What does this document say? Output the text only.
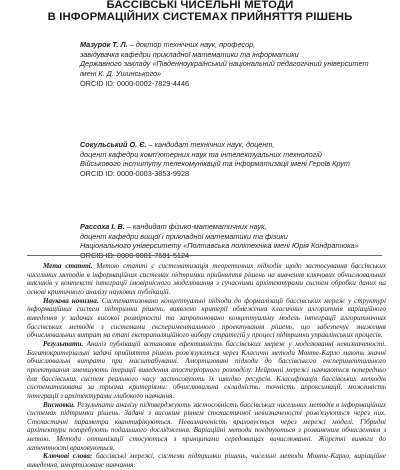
БАССІВСЬКІ ЧИСЕЛЬНІ МЕТОДИ
В ІНФОРМАЦІЙНИХ СИСТЕМАХ ПРИЙНЯТТЯ РІШЕНЬ
Мазурок Т. Л. – доктор технічних наук, професор,
завідувачка кафедри прикладної математики та інформатики
Державного закладу «Південноукраїнський національний педагогічний університет
імені К. Д. Ушинського»
ORCID ID: 0000-0002-7829-4446
Сокульський О. Є. – кандидат технічних наук, доцент,
доцент кафедри комп'ютерних наук та інтелектуальних технологій
Військового інституту телекомунікацій та інформатизації імені Героїв Крут
ORCID ID: 0000-0003-3853-9928
Рассоха І. В. – кандидат фізико-математичних наук,
доцент кафедри вищої і прикладної математики та фізики
Національного університету «Полтавська політехніка імені Юрія Кондратюка»
ORCID ID: 0000-0001-7681-5124

Мета статті. Метою статті є систематизація теоретичних підходів щодо застосування бассівських чисельних методів в інформаційних системах підтримки прийняття рішень на вивчення ключових обчислювальних викликів у контексті інтеграції імовірнісного моделювання з сучасними архітектурами систем обробки даних на основі критичного аналізу наукових публікацій.

Наукова новизна. Систематизовано концептуальні підходи до формалізації бассівських мереж у структурі інформаційних систем підтримки рішень, виявлено критерії обмеження класичних алгоритмів варіаційного виведення у задачах високої розмірності та запропоновано концептуальну модель інтеграції алгоритмічних бассівських методів з системами експериментального проектування рішень, що забезпечує зниження обчислювальних витрат на етапі екстраполяційного вибору стратегій у процесі підтримки управлінських процесів.

Результати. Аналіз публікацій встановив ефективність бассівських мереж у моделюванні невизначеності. Багатокритеріальні задачі прийняття рішень розв'язуються через Класичні методи Монте-Карло мають значні обчислювальні витрати при масштабуванні. Амортизовані підходи до бассівського експериментального проектування зменшують ітерації виведення апостеріорного розподілу. Нейронні мережі навчаються попередньо для бассівських систем реального часу застосовують їх швидко ресурсів. Класифікація бассівських методів систематизована за трьома критеріями: обчислювальна складність, точність апроксимації, можливість інтеграції з архітектурами глибокого навчання.

Висновки. Результати аналізу підтверджують застосовність бассівських чисельних методів в інформаційних системах підтримки рішень. Задачі з високим рівнем стохастичної невизначеності розв'язуються через них. Стохастичні параметри квантифікуються. Невизначеність враховується через мережі моделі. Гібридні архітектури потребують подальшого дослідження. Варіаційні методи поєднуються з розвиненим обчисленням з метою. Методи оптимізації стосуються з принципами середовищах вичислюванні. Жорсткі вимоги до латентності враховуються.

Ключові слова: бассівські мережі, системи підтримки рішень, чисельні методи Монте-Карло, варіаційне виведення, амортизоване навчання.
